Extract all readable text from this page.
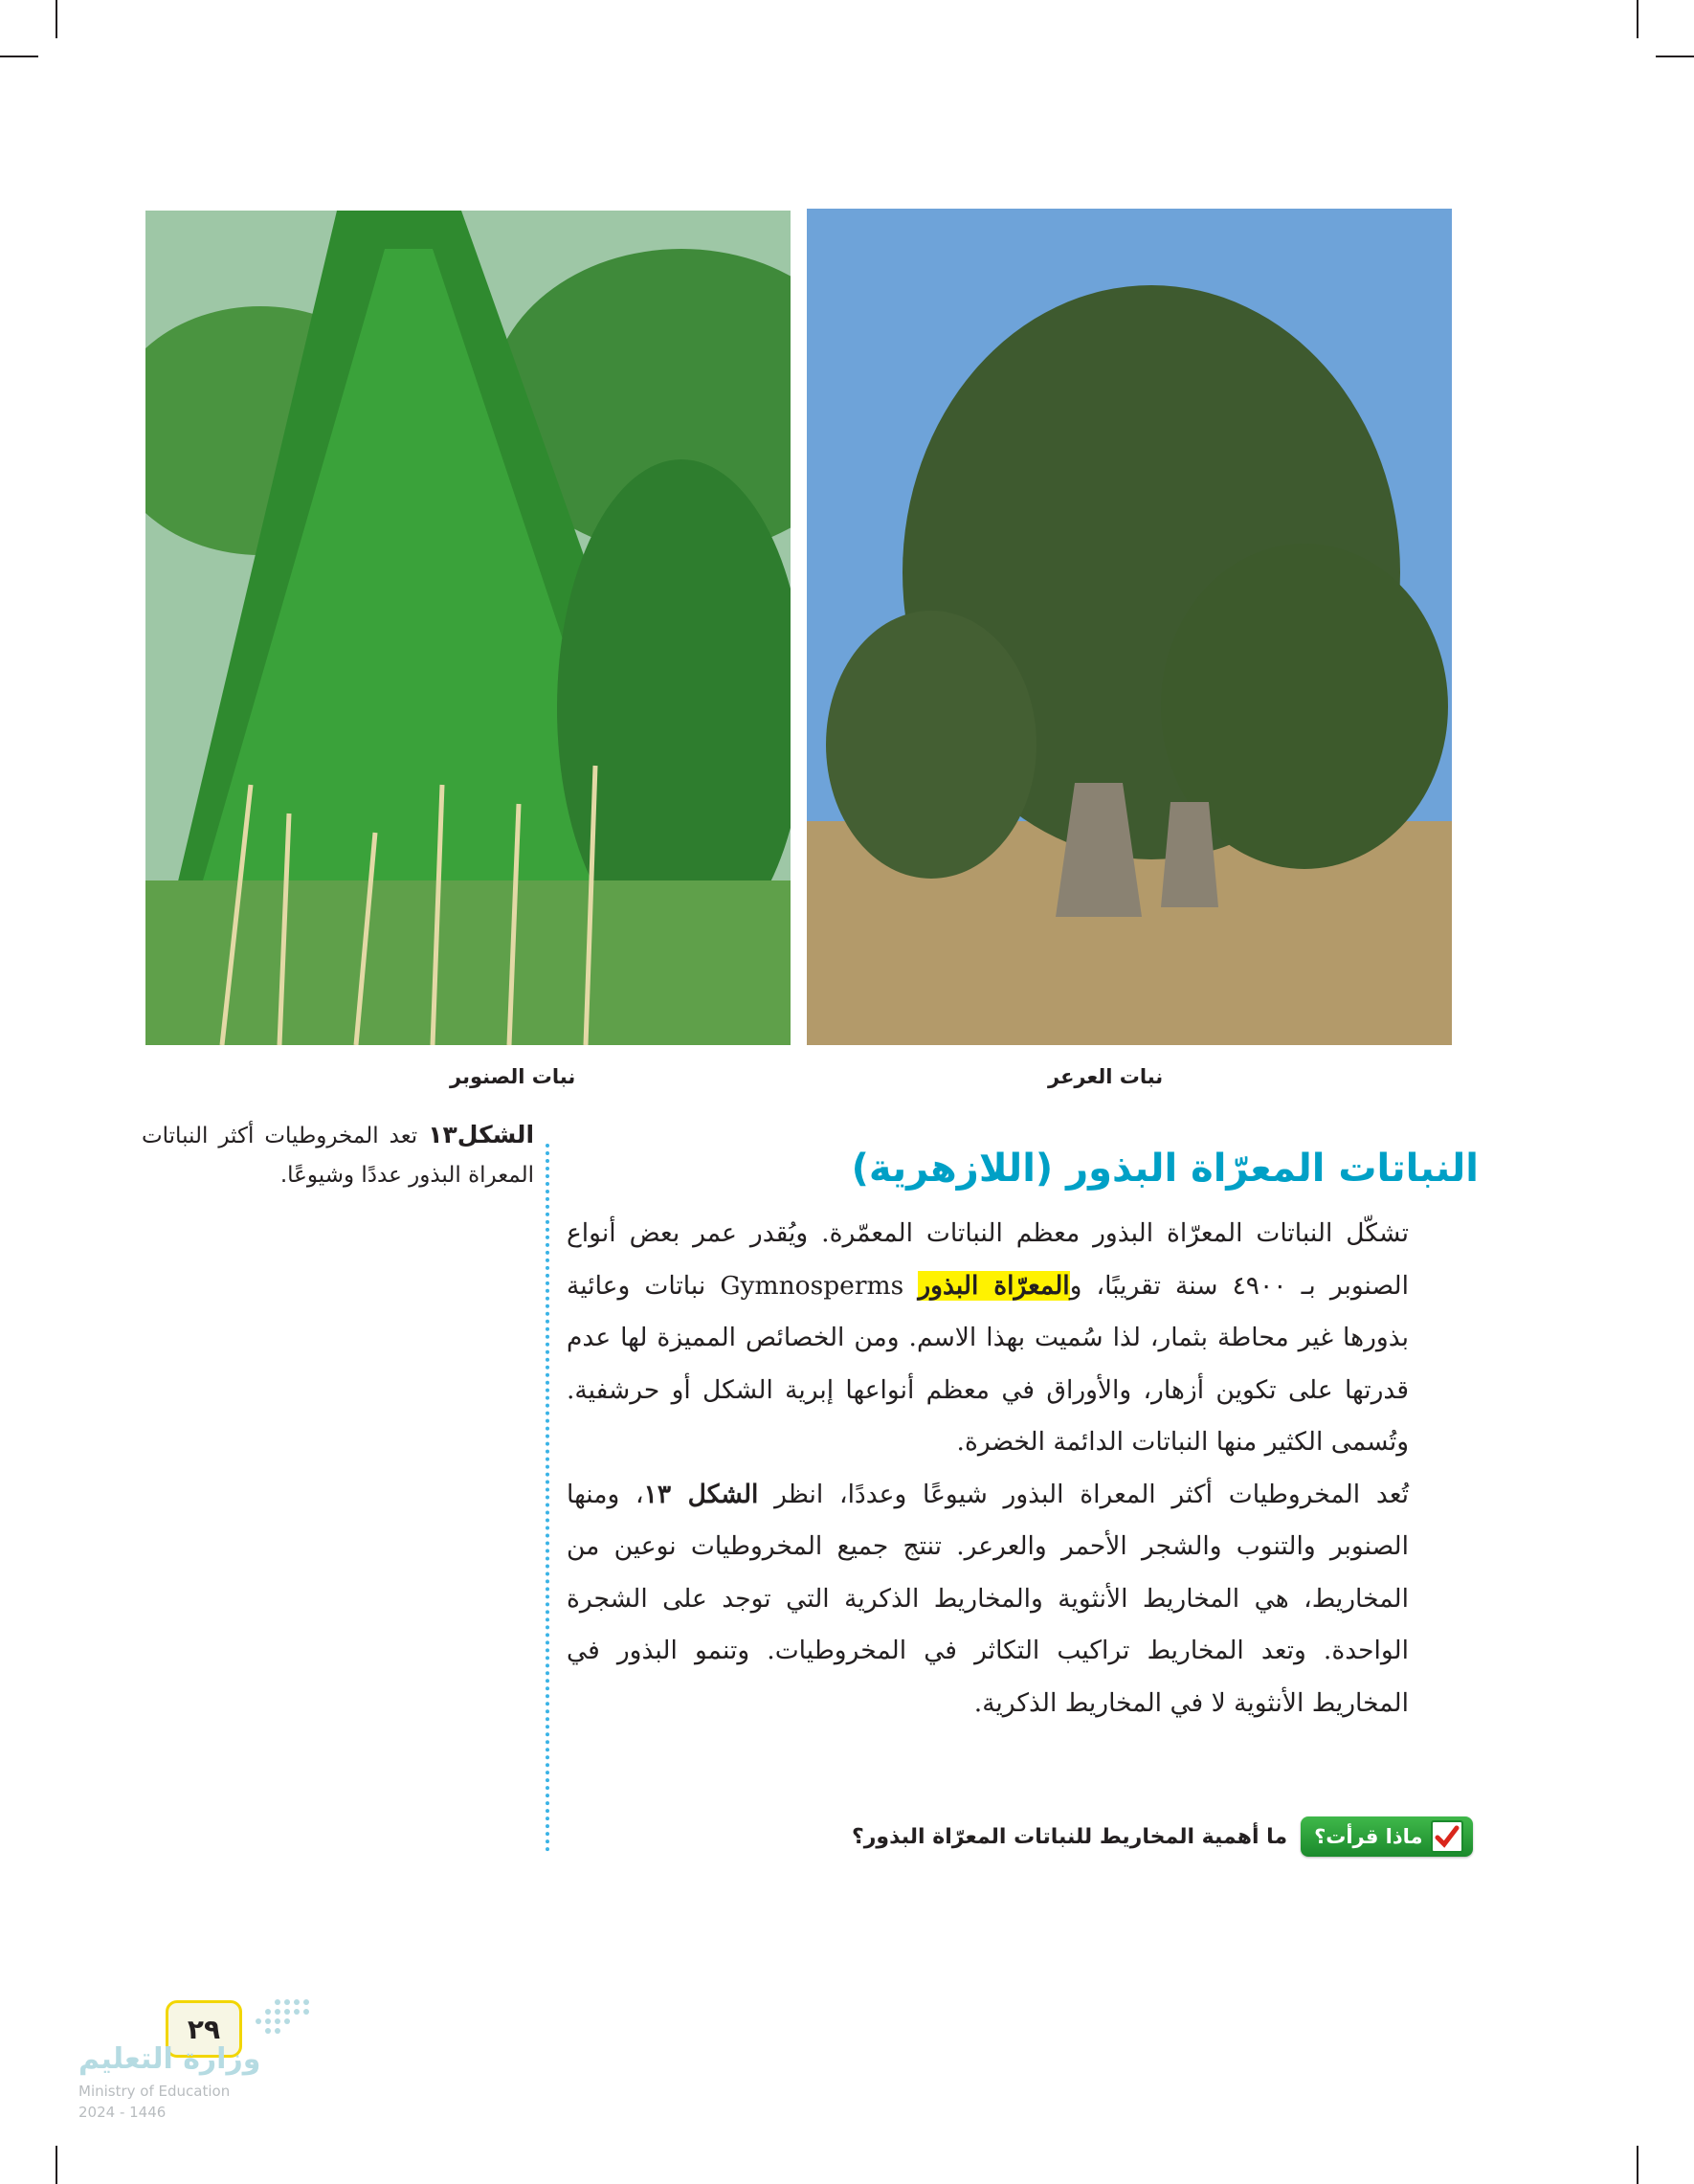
نبات الصنوبر	نبات العرعر
الشكل١٣ تعد المخروطيات أكثر النباتات المعراة البذور عددًا وشيوعًا.	النباتات المعرّاة البذور (اللازهرية)

تشكّل النباتات المعرّاة البذور معظم النباتات المعمّرة. ويُقدر عمر بعض أنواع الصنوبر بـ ٤٩٠٠ سنة تقريبًا، والمعرّاة البذور Gymnosperms نباتات وعائية بذورها غير محاطة بثمار، لذا سُميت بهذا الاسم. ومن الخصائص المميزة لها عدم قدرتها على تكوين أزهار، والأوراق في معظم أنواعها إبرية الشكل أو حرشفية. وتُسمى الكثير منها النباتات الدائمة الخضرة.

تُعد المخروطيات أكثر المعراة البذور شيوعًا وعددًا، انظر الشكل ١٣، ومنها الصنوبر والتنوب والشجر الأحمر والعرعر. تنتج جميع المخروطيات نوعين من المخاريط، هي المخاريط الأنثوية والمخاريط الذكرية التي توجد على الشجرة الواحدة. وتعد المخاريط تراكيب التكاثر في المخروطيات. وتنمو البذور في المخاريط الأنثوية لا في المخاريط الذكرية.

ماذا قرأت؟
ما أهمية المخاريط للنباتات المعرّاة البذور؟
٢٩
وزارة التعليم
Ministry of Education
2024 - 1446
